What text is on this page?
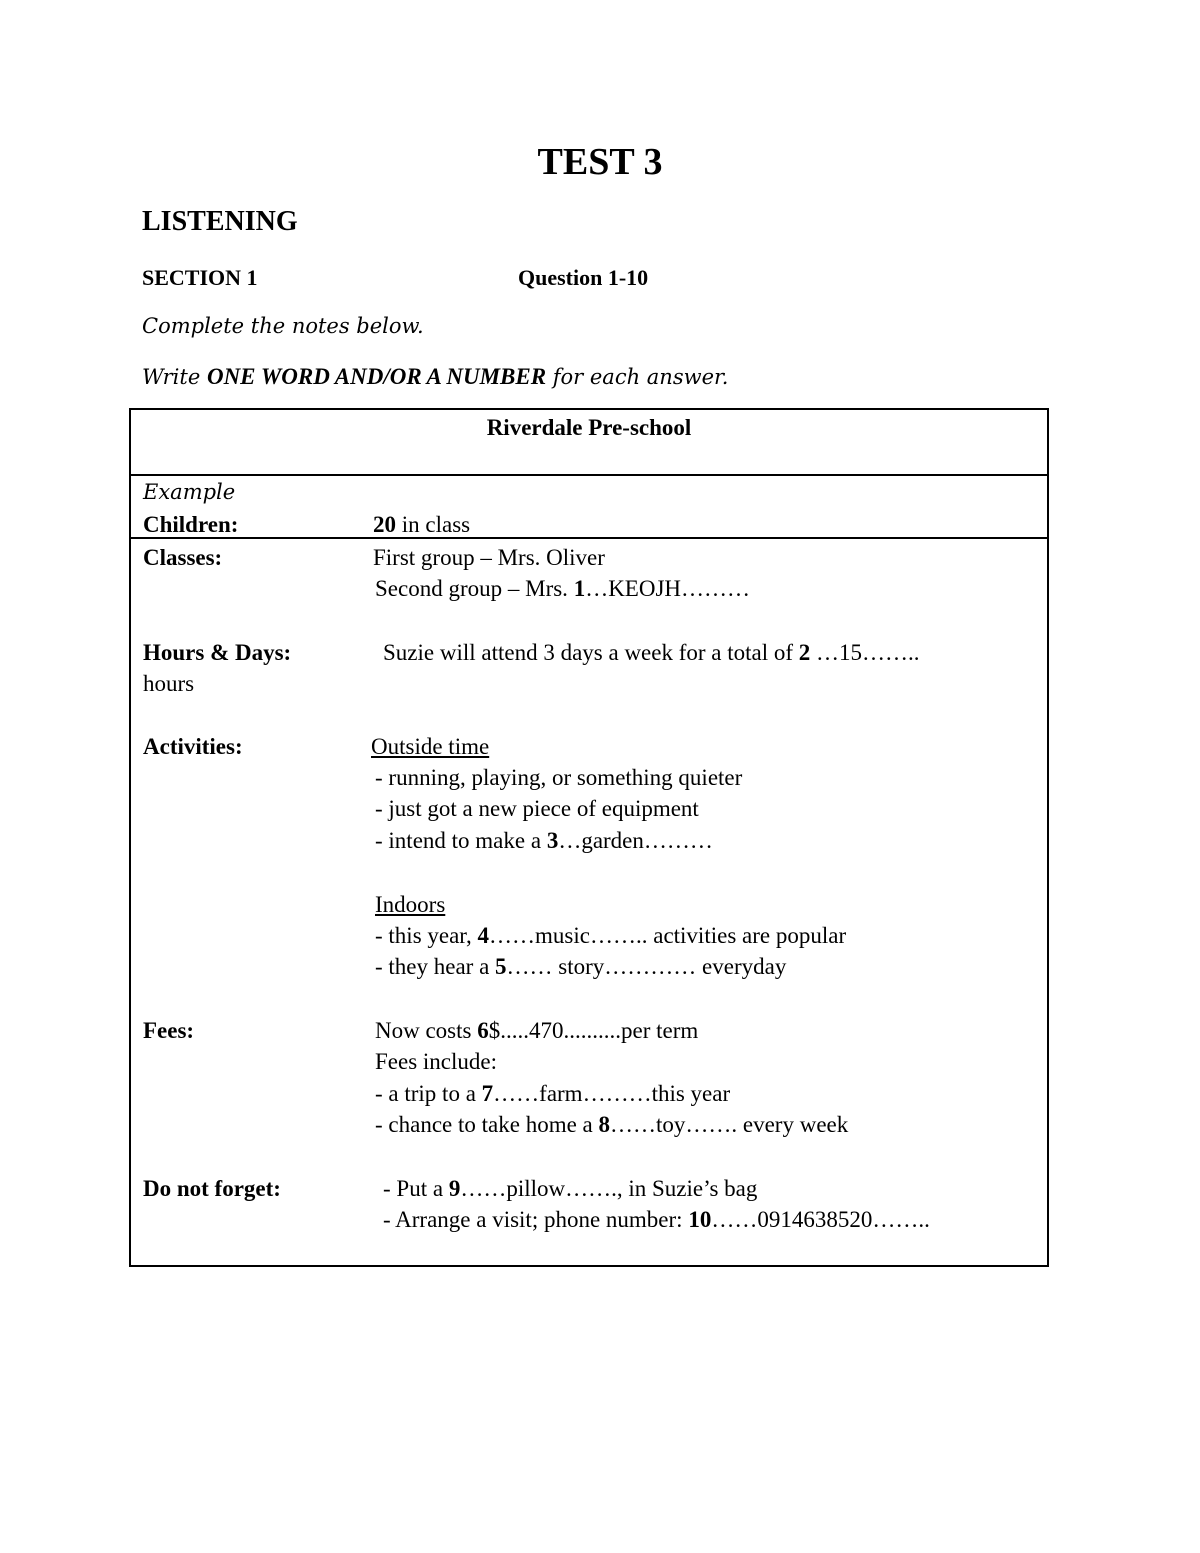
TEST 3
LISTENING
SECTION 1	Question 1-10
Complete the notes below.
Write ONE WORD AND/OR A NUMBER for each answer.
Riverdale Pre-school
Example
Children:	20 in class
Classes:	First group – Mrs. Oliver
Second group – Mrs. 1…KEOJH………
Hours & Days:	Suzie will attend 3 days a week for a total of 2 …15……..
hours
Activities:	Outside time
- running, playing, or something quieter
- just got a new piece of equipment
- intend to make a 3…garden………
Indoors
- this year, 4……music…….. activities are popular
- they hear a 5…… story………… everyday
Fees:	Now costs 6$.....470..........per term
Fees include:
- a trip to a 7……farm………this year
- chance to take home a 8……toy……. every week
Do not forget:	- Put a 9……pillow……., in Suzie’s bag
- Arrange a visit; phone number: 10……0914638520……..
